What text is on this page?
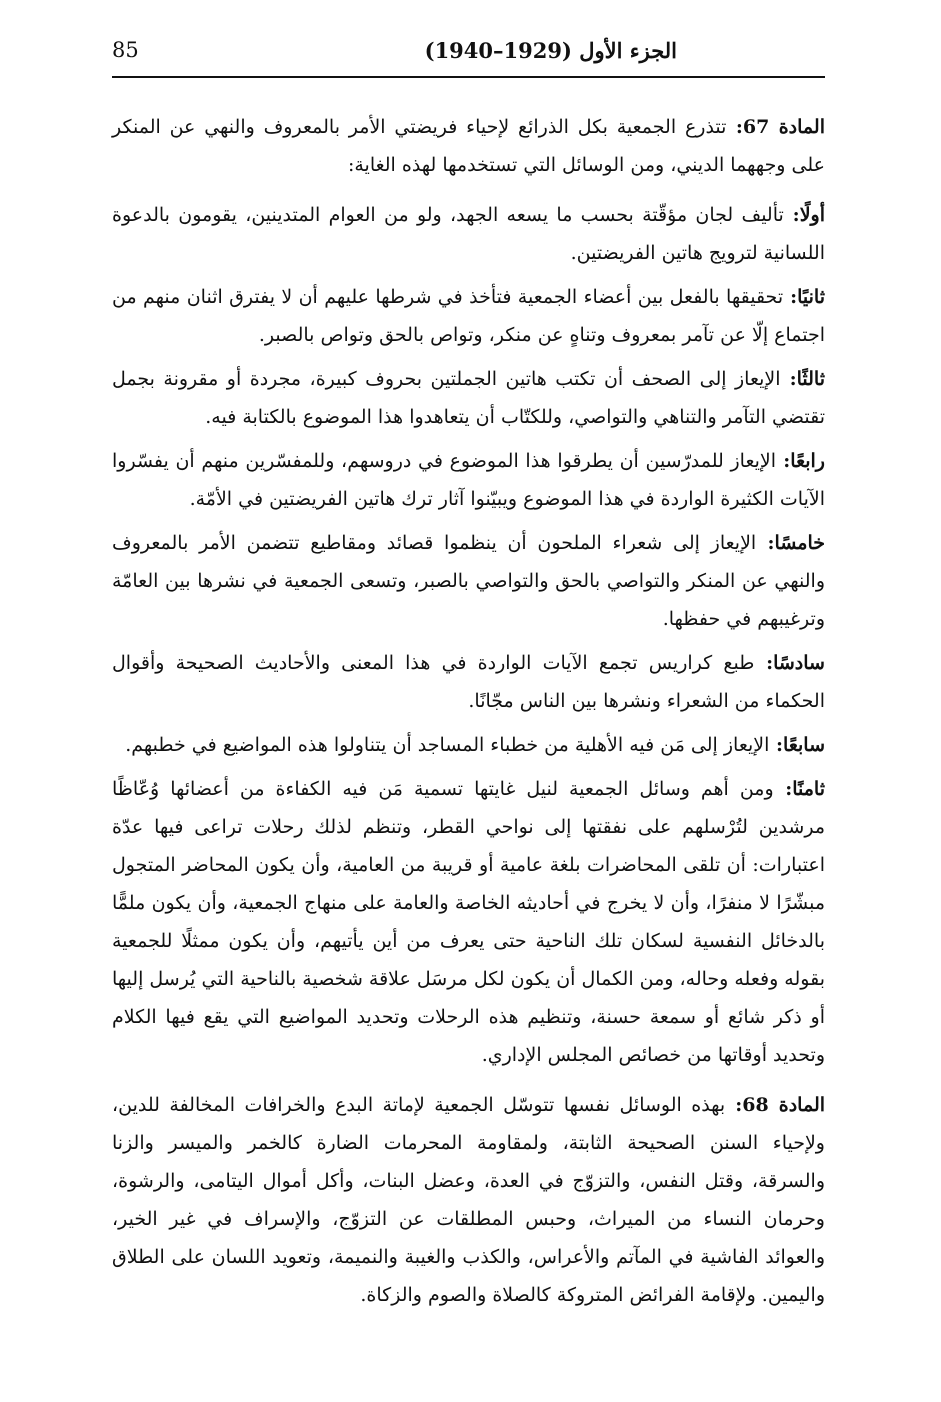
85	الجزء الأول (1929–1940)

المادة 67: تتذرع الجمعية بكل الذرائع لإحياء فريضتي الأمر بالمعروف والنهي عن المنكر على وجههما الديني، ومن الوسائل التي تستخدمها لهذه الغاية:

أولًا: تأليف لجان مؤقّتة بحسب ما يسعه الجهد، ولو من العوام المتدينين، يقومون بالدعوة اللسانية لترويج هاتين الفريضتين.

ثانيًا: تحقيقها بالفعل بين أعضاء الجمعية فتأخذ في شرطها عليهم أن لا يفترق اثنان منهم من اجتماع إلّا عن تآمر بمعروف وتناهٍ عن منكر، وتواص بالحق وتواص بالصبر.

ثالثًا: الإيعاز إلى الصحف أن تكتب هاتين الجملتين بحروف كبيرة، مجردة أو مقرونة بجمل تقتضي التآمر والتناهي والتواصي، وللكتّاب أن يتعاهدوا هذا الموضوع بالكتابة فيه.

رابعًا: الإيعاز للمدرّسين أن يطرقوا هذا الموضوع في دروسهم، وللمفسّرين منهم أن يفسّروا الآيات الكثيرة الواردة في هذا الموضوع ويبيّنوا آثار ترك هاتين الفريضتين في الأمّة.

خامسًا: الإيعاز إلى شعراء الملحون أن ينظموا قصائد ومقاطيع تتضمن الأمر بالمعروف والنهي عن المنكر والتواصي بالحق والتواصي بالصبر، وتسعى الجمعية في نشرها بين العامّة وترغيبهم في حفظها.

سادسًا: طبع كراريس تجمع الآيات الواردة في هذا المعنى والأحاديث الصحيحة وأقوال الحكماء من الشعراء ونشرها بين الناس مجّانًا.

سابعًا: الإيعاز إلى مَن فيه الأهلية من خطباء المساجد أن يتناولوا هذه المواضيع في خطبهم.

ثامنًا: ومن أهم وسائل الجمعية لنيل غايتها تسمية مَن فيه الكفاءة من أعضائها وُعّاظًا مرشدين لتُرْسلهم على نفقتها إلى نواحي القطر، وتنظم لذلك رحلات تراعى فيها عدّة اعتبارات: أن تلقى المحاضرات بلغة عامية أو قريبة من العامية، وأن يكون المحاضر المتجول مبشّرًا لا منفرًا، وأن لا يخرج في أحاديثه الخاصة والعامة على منهاج الجمعية، وأن يكون ملمًّا بالدخائل النفسية لسكان تلك الناحية حتى يعرف من أين يأتيهم، وأن يكون ممثلًا للجمعية بقوله وفعله وحاله، ومن الكمال أن يكون لكل مرسَل علاقة شخصية بالناحية التي يُرسل إليها أو ذكر شائع أو سمعة حسنة، وتنظيم هذه الرحلات وتحديد المواضيع التي يقع فيها الكلام وتحديد أوقاتها من خصائص المجلس الإداري.

المادة 68: بهذه الوسائل نفسها تتوسّل الجمعية لإماتة البدع والخرافات المخالفة للدين، ولإحياء السنن الصحيحة الثابتة، ولمقاومة المحرمات الضارة كالخمر والميسر والزنا والسرقة، وقتل النفس، والتزوّج في العدة، وعضل البنات، وأكل أموال اليتامى، والرشوة، وحرمان النساء من الميراث، وحبس المطلقات عن التزوّج، والإسراف في غير الخير، والعوائد الفاشية في المآتم والأعراس، والكذب والغيبة والنميمة، وتعويد اللسان على الطلاق واليمين. ولإقامة الفرائض المتروكة كالصلاة والصوم والزكاة.
